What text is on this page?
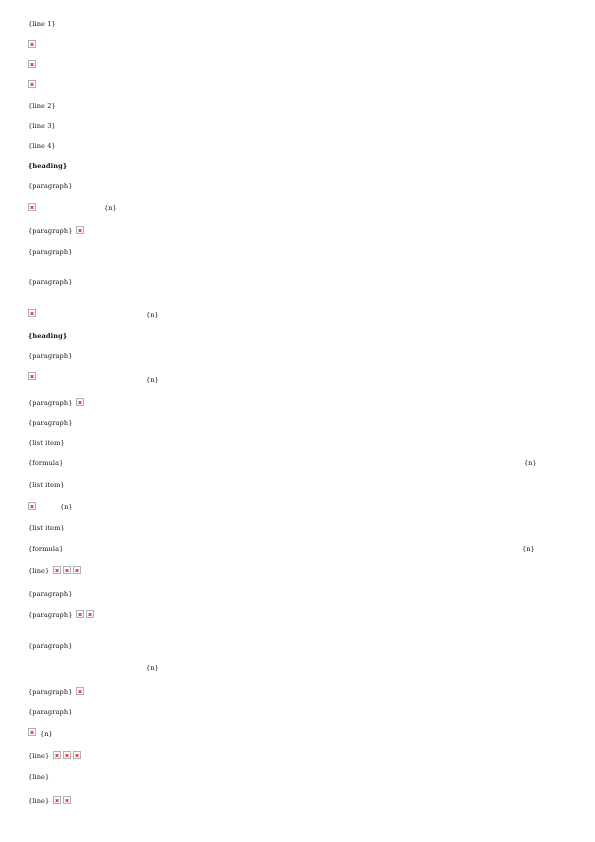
{line 1}
{line 2}
{line 3}
{line 4}
{heading}
{paragraph}
{n}
{paragraph}
{paragraph}
{paragraph}
{n}
{heading}
{paragraph}
{n}
{paragraph}
{paragraph}
{list item}
{formula}	{n}
{list item}
{n}
{list item}
{formula}	{n}
{line}
{paragraph}
{paragraph}
{paragraph}
{n}
{paragraph}
{paragraph}
{n}
{line}
{line}
{line}
